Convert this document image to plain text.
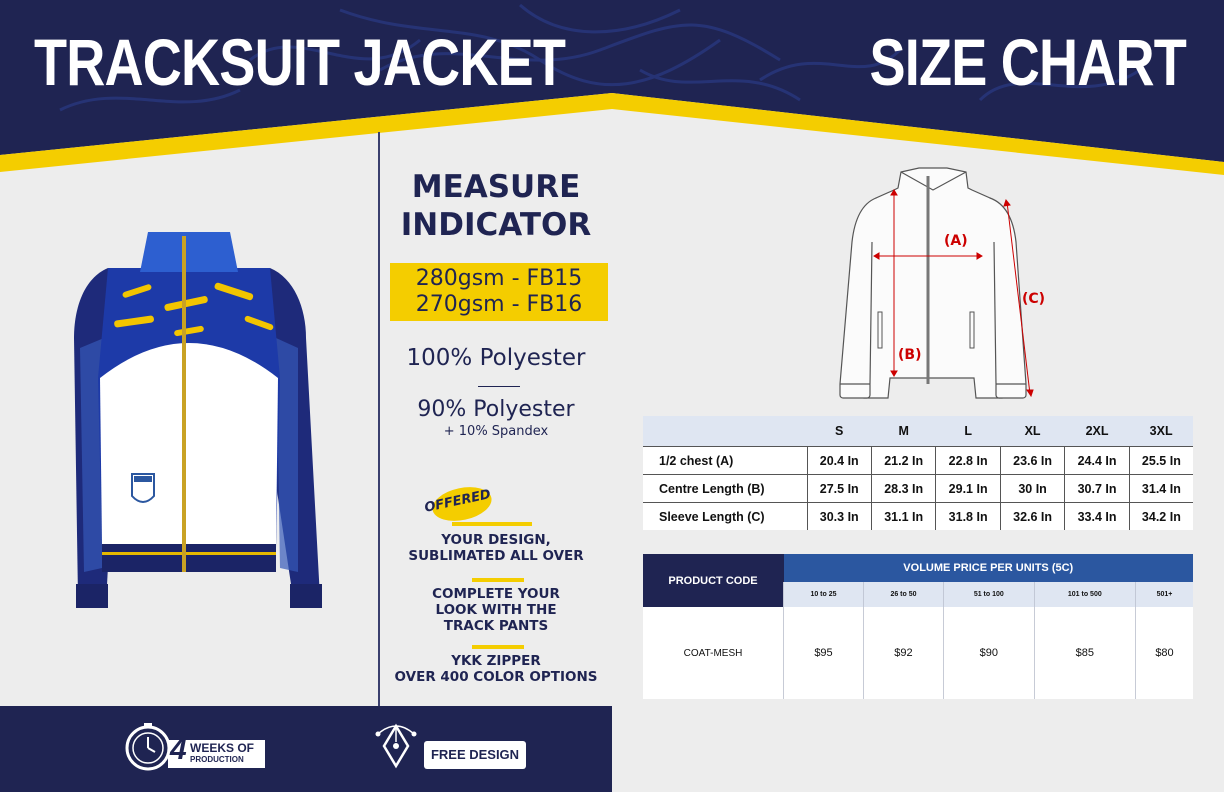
TRACKSUIT JACKET	SIZE CHART
MEASURE
INDICATOR
280gsm - FB15
270gsm - FB16
100% Polyester
90% Polyester
+ 10% Spandex
OFFERED
YOUR DESIGN,
SUBLIMATED ALL OVER
COMPLETE YOUR
LOOK WITH THE
TRACK PANTS
YKK ZIPPER
OVER 400 COLOR OPTIONS
4 WEEKS OF
PRODUCTION	FREE DESIGN
(A)
(B)
(C)
	S	M	L	XL	2XL	3XL
1/2 chest (A)	20.4 In	21.2 In	22.8 In	23.6 In	24.4 In	25.5 In
Centre Length (B)	27.5 In	28.3 In	29.1 In	30 In	30.7 In	31.4 In
Sleeve Length (C)	30.3 In	31.1 In	31.8 In	32.6 In	33.4 In	34.2 In
PRODUCT CODE	VOLUME PRICE PER UNITS (5C)				
	10 to 25	26 to 50	51 to 100	101 to 500	501+
COAT-MESH	$95	$92	$90	$85	$80
